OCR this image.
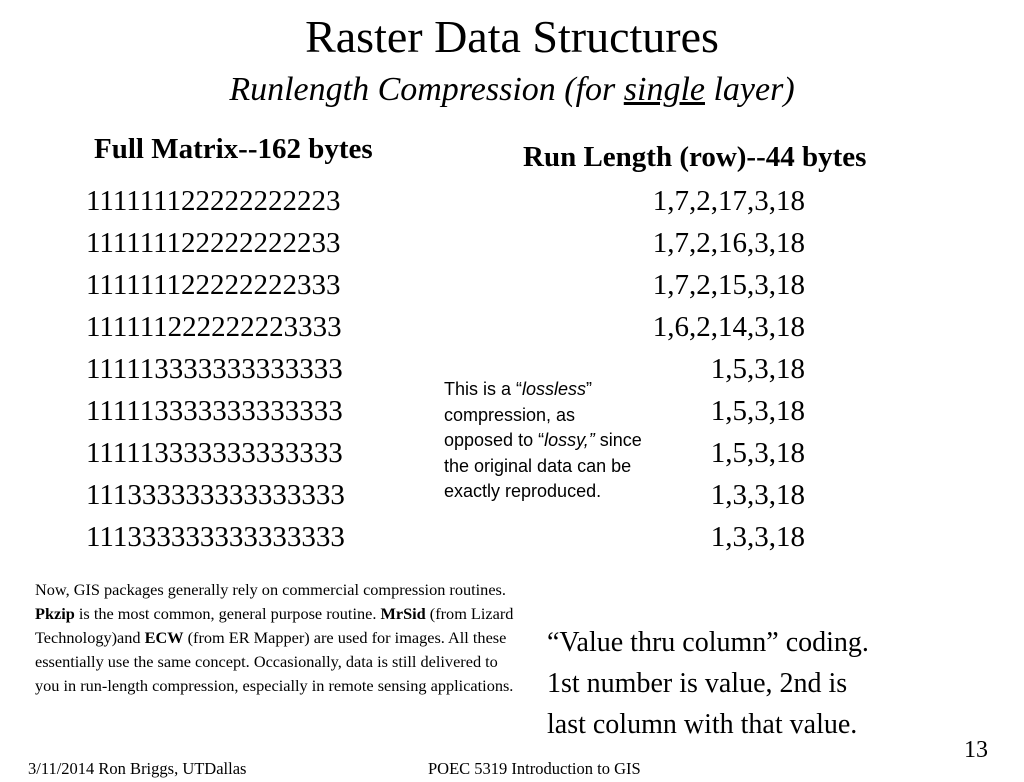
Raster Data Structures
Runlength Compression (for single layer)
Full Matrix--162 bytes	Run Length (row)--44 bytes
111111122222222223
111111122222222233
111111122222222333
111111222222223333
111113333333333333
111113333333333333
111113333333333333
111333333333333333
111333333333333333
1,7,2,17,3,18
1,7,2,16,3,18
1,7,2,15,3,18
1,6,2,14,3,18
1,5,3,18
1,5,3,18
1,5,3,18
1,3,3,18
1,3,3,18
This is a “lossless” compression, as opposed to “lossy,” since the original data can be exactly reproduced.
Now, GIS packages generally rely on commercial compression routines. Pkzip is the most common, general purpose routine. MrSid (from Lizard Technology)and ECW (from ER Mapper) are used for images. All these essentially use the same concept. Occasionally, data is still delivered to you in run-length compression, especially in remote sensing applications.
“Value thru column” coding.
1st number is value, 2nd is
last column with that value.
3/11/2014 Ron Briggs, UTDallas	POEC 5319 Introduction to GIS
13
